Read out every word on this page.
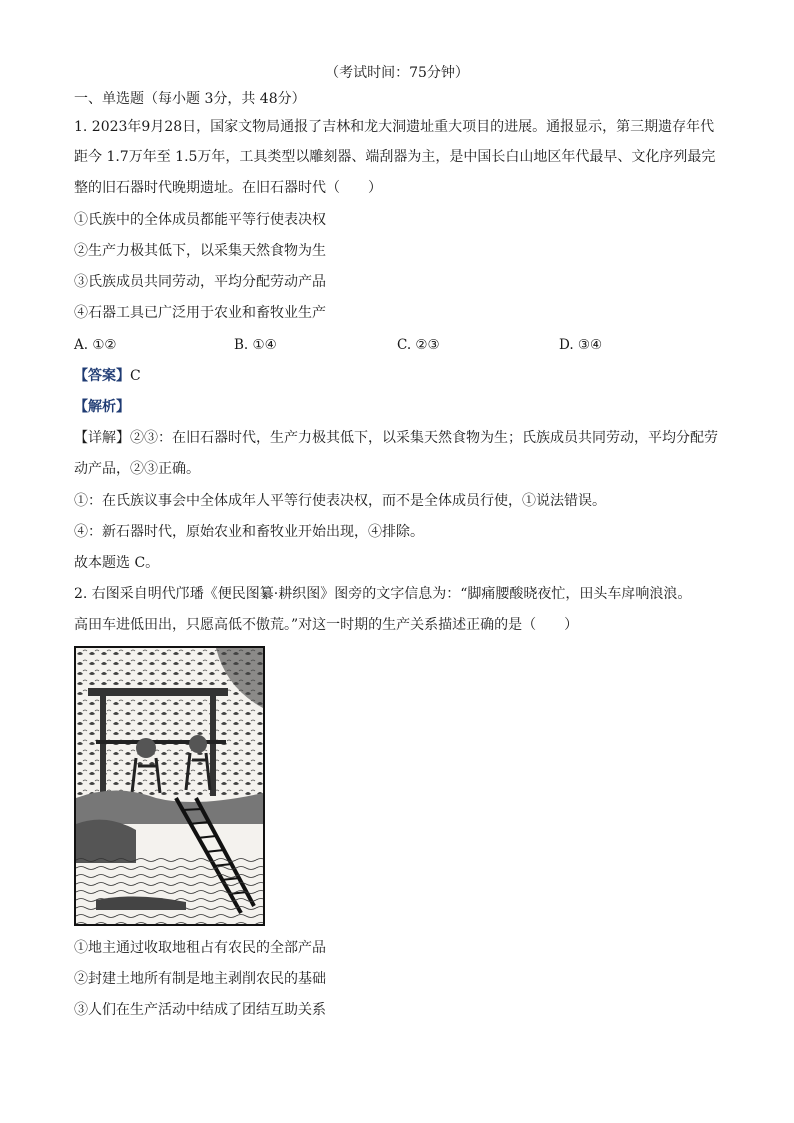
（考试时间：75分钟）
一、单选题（每小题 3分，共 48分）
1. 2023年9月28日，国家文物局通报了吉林和龙大洞遗址重大项目的进展。通报显示，第三期遗存年代
距今 1.7万年至 1.5万年，工具类型以雕刻器、端刮器为主，是中国长白山地区年代最早、文化序列最完
整的旧石器时代晚期遗址。在旧石器时代（　　）
①氏族中的全体成员都能平等行使表决权
②生产力极其低下，以采集天然食物为生
③氏族成员共同劳动，平均分配劳动产品
④石器工具已广泛用于农业和畜牧业生产
A. ①②	B. ①④	C. ②③	D. ③④
【答案】C
【解析】
【详解】②③：在旧石器时代，生产力极其低下，以采集天然食物为生；氏族成员共同劳动，平均分配劳
动产品，②③正确。
①：在氏族议事会中全体成年人平等行使表决权，而不是全体成员行使，①说法错误。
④：新石器时代，原始农业和畜牧业开始出现，④排除。
故本题选 C。
2. 右图采自明代邝璠《便民图纂·耕织图》图旁的文字信息为：“脚痛腰酸晓夜忙，田头车戽响浪浪。
高田车进低田出，只愿高低不傲荒。”对这一时期的生产关系描述正确的是（　　）
①地主通过收取地租占有农民的全部产品
②封建土地所有制是地主剥削农民的基础
③人们在生产活动中结成了团结互助关系
